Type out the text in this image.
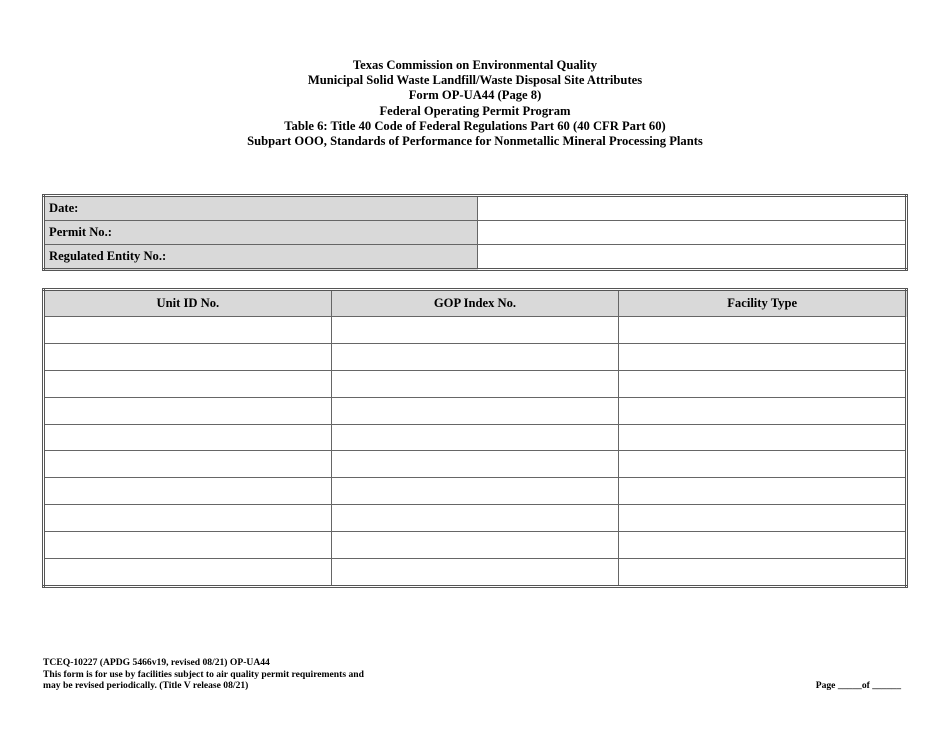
Texas Commission on Environmental Quality
Municipal Solid Waste Landfill/Waste Disposal Site Attributes
Form OP-UA44 (Page 8)
Federal Operating Permit Program
Table 6: Title 40 Code of Federal Regulations Part 60 (40 CFR Part 60)
Subpart OOO, Standards of Performance for Nonmetallic Mineral Processing Plants
Date:	
Permit No.:	
Regulated Entity No.:	
Unit ID No.	GOP Index No.	Facility Type

TCEQ-10227 (APDG 5466v19, revised 08/21) OP-UA44
This form is for use by facilities subject to air quality permit requirements and
may be revised periodically. (Title V release 08/21)	Page _____of ______
